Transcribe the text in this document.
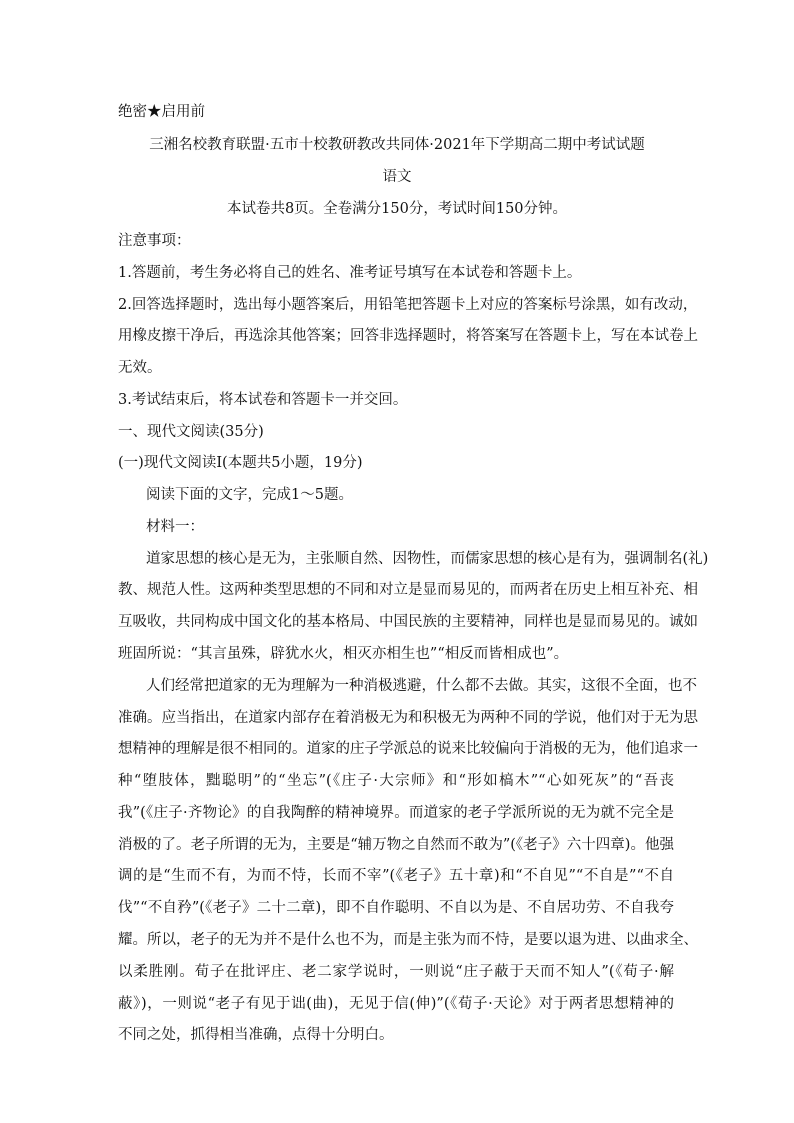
绝密★启用前
三湘名校教育联盟·五市十校教研教改共同体·2021年下学期高二期中考试试题
语文
本试卷共8页。全卷满分150分，考试时间150分钟。
注意事项：
1.答题前，考生务必将自己的姓名、准考证号填写在本试卷和答题卡上。
2.回答选择题时，选出每小题答案后，用铅笔把答题卡上对应的答案标号涂黑，如有改动，
用橡皮擦干净后，再选涂其他答案；回答非选择题时，将答案写在答题卡上，写在本试卷上
无效。
3.考试结束后，将本试卷和答题卡一并交回。
一、现代文阅读(35分)
(一)现代文阅读I(本题共5小题，19分)
阅读下面的文字，完成1～5题。
材料一：
道家思想的核心是无为，主张顺自然、因物性，而儒家思想的核心是有为，强调制名(礼)
教、规范人性。这两种类型思想的不同和对立是显而易见的，而两者在历史上相互补充、相
互吸收，共同构成中国文化的基本格局、中国民族的主要精神，同样也是显而易见的。诚如
班固所说：“其言虽殊，辟犹水火，相灭亦相生也”“相反而皆相成也”。
人们经常把道家的无为理解为一种消极逃避，什么都不去做。其实，这很不全面，也不
准确。应当指出，在道家内部存在着消极无为和积极无为两种不同的学说，他们对于无为思
想精神的理解是很不相同的。道家的庄子学派总的说来比较偏向于消极的无为，他们追求一
种“堕肢体，黜聪明”的“坐忘”(《庄子·大宗师》和“形如槁木”“心如死灰”的“吾丧
我”(《庄子·齐物论》的自我陶醉的精神境界。而道家的老子学派所说的无为就不完全是
消极的了。老子所谓的无为，主要是“辅万物之自然而不敢为”(《老子》六十四章)。他强
调的是“生而不有，为而不恃，长而不宰”(《老子》五十章)和“不自见”“不自是”“不自
伐”“不自矜”(《老子》二十二章)，即不自作聪明、不自以为是、不自居功劳、不自我夸
耀。所以，老子的无为并不是什么也不为，而是主张为而不恃，是要以退为进、以曲求全、
以柔胜刚。荀子在批评庄、老二家学说时，一则说“庄子蔽于天而不知人”(《荀子·解
蔽》)，一则说“老子有见于诎(曲)，无见于信(伸)”(《荀子·天论》对于两者思想精神的
不同之处，抓得相当准确，点得十分明白。
